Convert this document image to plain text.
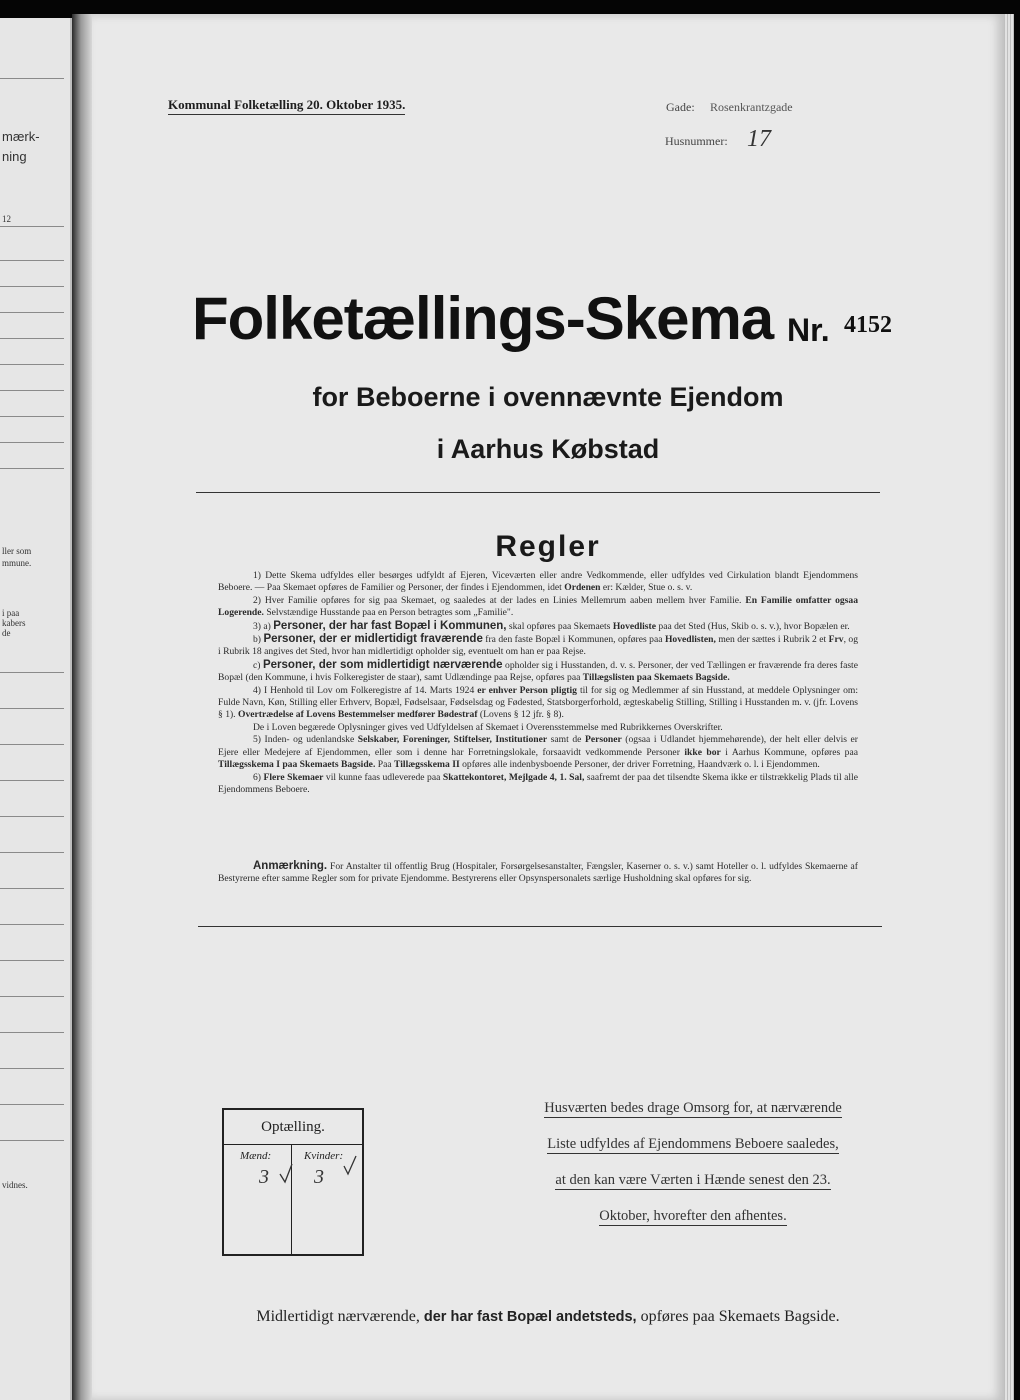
mærk-
ning
12
ller som
mmune.
i paa
kabers
de
vidnes.
Kommunal Folketælling 20. Oktober 1935.	Gade: Rosenkrantzgade
Husnummer: 17
Folketællings-Skema Nr. 4152
for Beboerne i ovennævnte Ejendom
i Aarhus Købstad
Regler

1) Dette Skema udfyldes eller besørges udfyldt af Ejeren, Viceværten eller andre Vedkommende, eller udfyldes ved Cirkulation blandt Ejendommens Beboere. — Paa Skemaet opføres de Familier og Personer, der findes i Ejendommen, idet Ordenen er: Kælder, Stue o. s. v.

2) Hver Familie opføres for sig paa Skemaet, og saaledes at der lades en Linies Mellemrum aaben mellem hver Familie. En Familie omfatter ogsaa Logerende. Selvstændige Husstande paa en Person betragtes som „Familie".

3) a) Personer, der har fast Bopæl i Kommunen, skal opføres paa Skemaets Hovedliste paa det Sted (Hus, Skib o. s. v.), hvor Bopælen er.

b) Personer, der er midlertidigt fraværende fra den faste Bopæl i Kommunen, opføres paa Hovedlisten, men der sættes i Rubrik 2 et Frv, og i Rubrik 18 angives det Sted, hvor han midlertidigt opholder sig, eventuelt om han er paa Rejse.

c) Personer, der som midlertidigt nærværende opholder sig i Husstanden, d. v. s. Personer, der ved Tællingen er fraværende fra deres faste Bopæl (den Kommune, i hvis Folkeregister de staar), samt Udlændinge paa Rejse, opføres paa Tillægslisten paa Skemaets Bagside.

4) I Henhold til Lov om Folkeregistre af 14. Marts 1924 er enhver Person pligtig til for sig og Medlemmer af sin Husstand, at meddele Oplysninger om: Fulde Navn, Køn, Stilling eller Erhverv, Bopæl, Fødselsaar, Fødselsdag og Fødested, Statsborgerforhold, ægteskabelig Stilling, Stilling i Husstanden m. v. (jfr. Lovens § 1). Overtrædelse af Lovens Bestemmelser medfører Bødestraf (Lovens § 12 jfr. § 8).

De i Loven begærede Oplysninger gives ved Udfyldelsen af Skemaet i Overensstemmelse med Rubrikkernes Overskrifter.

5) Inden- og udenlandske Selskaber, Foreninger, Stiftelser, Institutioner samt de Personer (ogsaa i Udlandet hjemmehørende), der helt eller delvis er Ejere eller Medejere af Ejendommen, eller som i denne har Forretningslokale, forsaavidt vedkommende Personer ikke bor i Aarhus Kommune, opføres paa Tillægsskema I paa Skemaets Bagside. Paa Tillægsskema II opføres alle indenbysboende Personer, der driver Forretning, Haandværk o. l. i Ejendommen.

6) Flere Skemaer vil kunne faas udleverede paa Skattekontoret, Mejlgade 4, 1. Sal, saafremt der paa det tilsendte Skema ikke er tilstrækkelig Plads til alle Ejendommens Beboere.

Anmærkning. For Anstalter til offentlig Brug (Hospitaler, Forsørgelsesanstalter, Fængsler, Kaserner o. s. v.) samt Hoteller o. l. udfyldes Skemaerne af Bestyrerne efter samme Regler som for private Ejendomme. Bestyrerens eller Opsynspersonalets særlige Husholdning skal opføres for sig.

Optælling.
Mænd:	Kvinder:
3 3
Husværten bedes drage Omsorg for, at nærværende
Liste udfyldes af Ejendommens Beboere saaledes,
at den kan være Værten i Hænde senest den 23.
Oktober, hvorefter den afhentes.
Midlertidigt nærværende, der har fast Bopæl andetsteds, opføres paa Skemaets Bagside.
